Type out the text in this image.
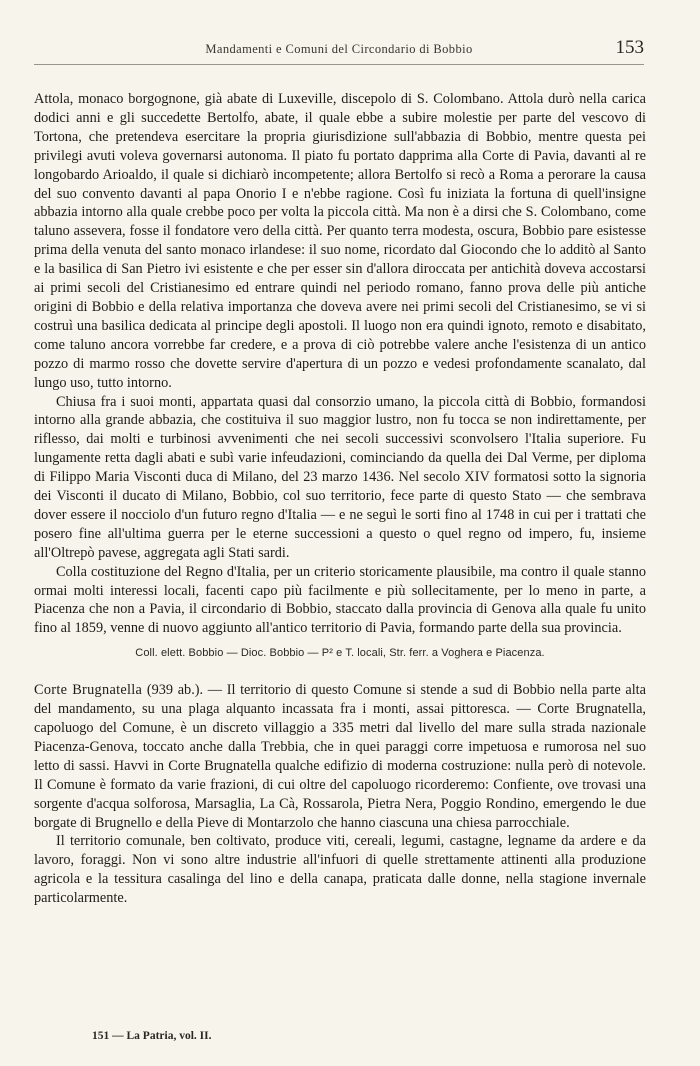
Mandamenti e Comuni del Circondario di Bobbio	153

Attola, monaco borgognone, già abate di Luxeville, discepolo di S. Colombano. Attola durò nella carica dodici anni e gli succedette Bertolfo, abate, il quale ebbe a subire molestie per parte del vescovo di Tortona, che pretendeva esercitare la propria giurisdizione sull'abbazia di Bobbio, mentre questa pei privilegi avuti voleva governarsi autonoma. Il piato fu portato dapprima alla Corte di Pavia, davanti al re longobardo Arioaldo, il quale si dichiarò incompetente; allora Bertolfo si recò a Roma a perorare la causa del suo convento davanti al papa Onorio I e n'ebbe ragione. Così fu iniziata la fortuna di quell'insigne abbazia intorno alla quale crebbe poco per volta la piccola città. Ma non è a dirsi che S. Colombano, come taluno asseverа, fosse il fondatore vero della città. Per quanto terra modesta, oscura, Bobbio pare esistesse prima della venuta del santo monaco irlandese: il suo nome, ricordato dal Giocondo che lo additò al Santo e la basilica di San Pietro ivi esistente e che per esser sin d'allora diroccata per antichità doveva accostarsi ai primi secoli del Cristianesimo ed entrare quindi nel periodo romano, fanno prova delle più antiche origini di Bobbio e della relativa importanza che doveva avere nei primi secoli del Cristianesimo, se vi si costruì una basilica dedicata al principe degli apostoli. Il luogo non era quindi ignoto, remoto e disabitato, come taluno ancora vorrebbe far credere, e a prova di ciò potrebbe valere anche l'esistenza di un antico pozzo di marmo rosso che dovette servire d'apertura di un pozzo e vedesi profondamente scanalato, dal lungo uso, tutto intorno.

Chiusa fra i suoi monti, appartata quasi dal consorzio umano, la piccola città di Bobbio, formandosi intorno alla grande abbazia, che costituiva il suo maggior lustro, non fu tocca se non indirettamente, per riflesso, dai molti e turbinosi avvenimenti che nei secoli successivi sconvolsero l'Italia superiore. Fu lungamente retta dagli abati e subì varie infeudazioni, cominciando da quella dei Dal Verme, per diploma di Filippo Maria Visconti duca di Milano, del 23 marzo 1436. Nel secolo XIV formatosi sotto la signoria dei Visconti il ducato di Milano, Bobbio, col suo territorio, fece parte di questo Stato — che sembrava dover essere il nocciolo d'un futuro regno d'Italia — e ne seguì le sorti fino al 1748 in cui per i trattati che posero fine all'ultima guerra per le eterne successioni a questo o quel regno od impero, fu, insieme all'Oltrepò pavese, aggregata agli Stati sardi.

Colla costituzione del Regno d'Italia, per un criterio storicamente plausibile, ma contro il quale stanno ormai molti interessi locali, facenti capo più facilmente e più sollecitamente, per lo meno in parte, a Piacenza che non a Pavia, il circondario di Bobbio, staccato dalla provincia di Genova alla quale fu unito fino al 1859, venne di nuovo aggiunto all'antico territorio di Pavia, formando parte della sua provincia.

Coll. elett. Bobbio — Dioc. Bobbio — P² e T. locali, Str. ferr. a Voghera e Piacenza.

Corte Brugnatella (939 ab.). — Il territorio di questo Comune si stende a sud di Bobbio nella parte alta del mandamento, su una plaga alquanto incassata fra i monti, assai pittoresca. — Corte Brugnatella, capoluogo del Comune, è un discreto villaggio a 335 metri dal livello del mare sulla strada nazionale Piacenza-Genova, toccato anche dalla Trebbia, che in quei paraggi corre impetuosa e rumorosa nel suo letto di sassi. Havvi in Corte Brugnatella qualche edifizio di moderna costruzione: nulla però di notevole. Il Comune è formato da varie frazioni, di cui oltre del capoluogo ricorderemo: Confiente, ove trovasi una sorgente d'acqua solforosa, Marsaglia, La Cà, Rossarola, Pietra Nera, Poggio Rondino, emergendo le due borgate di Brugnello e della Pieve di Montarzolo che hanno ciascuna una chiesa parrocchiale.

Il territorio comunale, ben coltivato, produce viti, cereali, legumi, castagne, legname da ardere e da lavoro, foraggi. Non vi sono altre industrie all'infuori di quelle strettamente attinenti alla produzione agricola e la tessitura casalinga del lino e della canapa, praticata dalle donne, nella stagione invernale particolarmente.

151 — La Patria, vol. II.
